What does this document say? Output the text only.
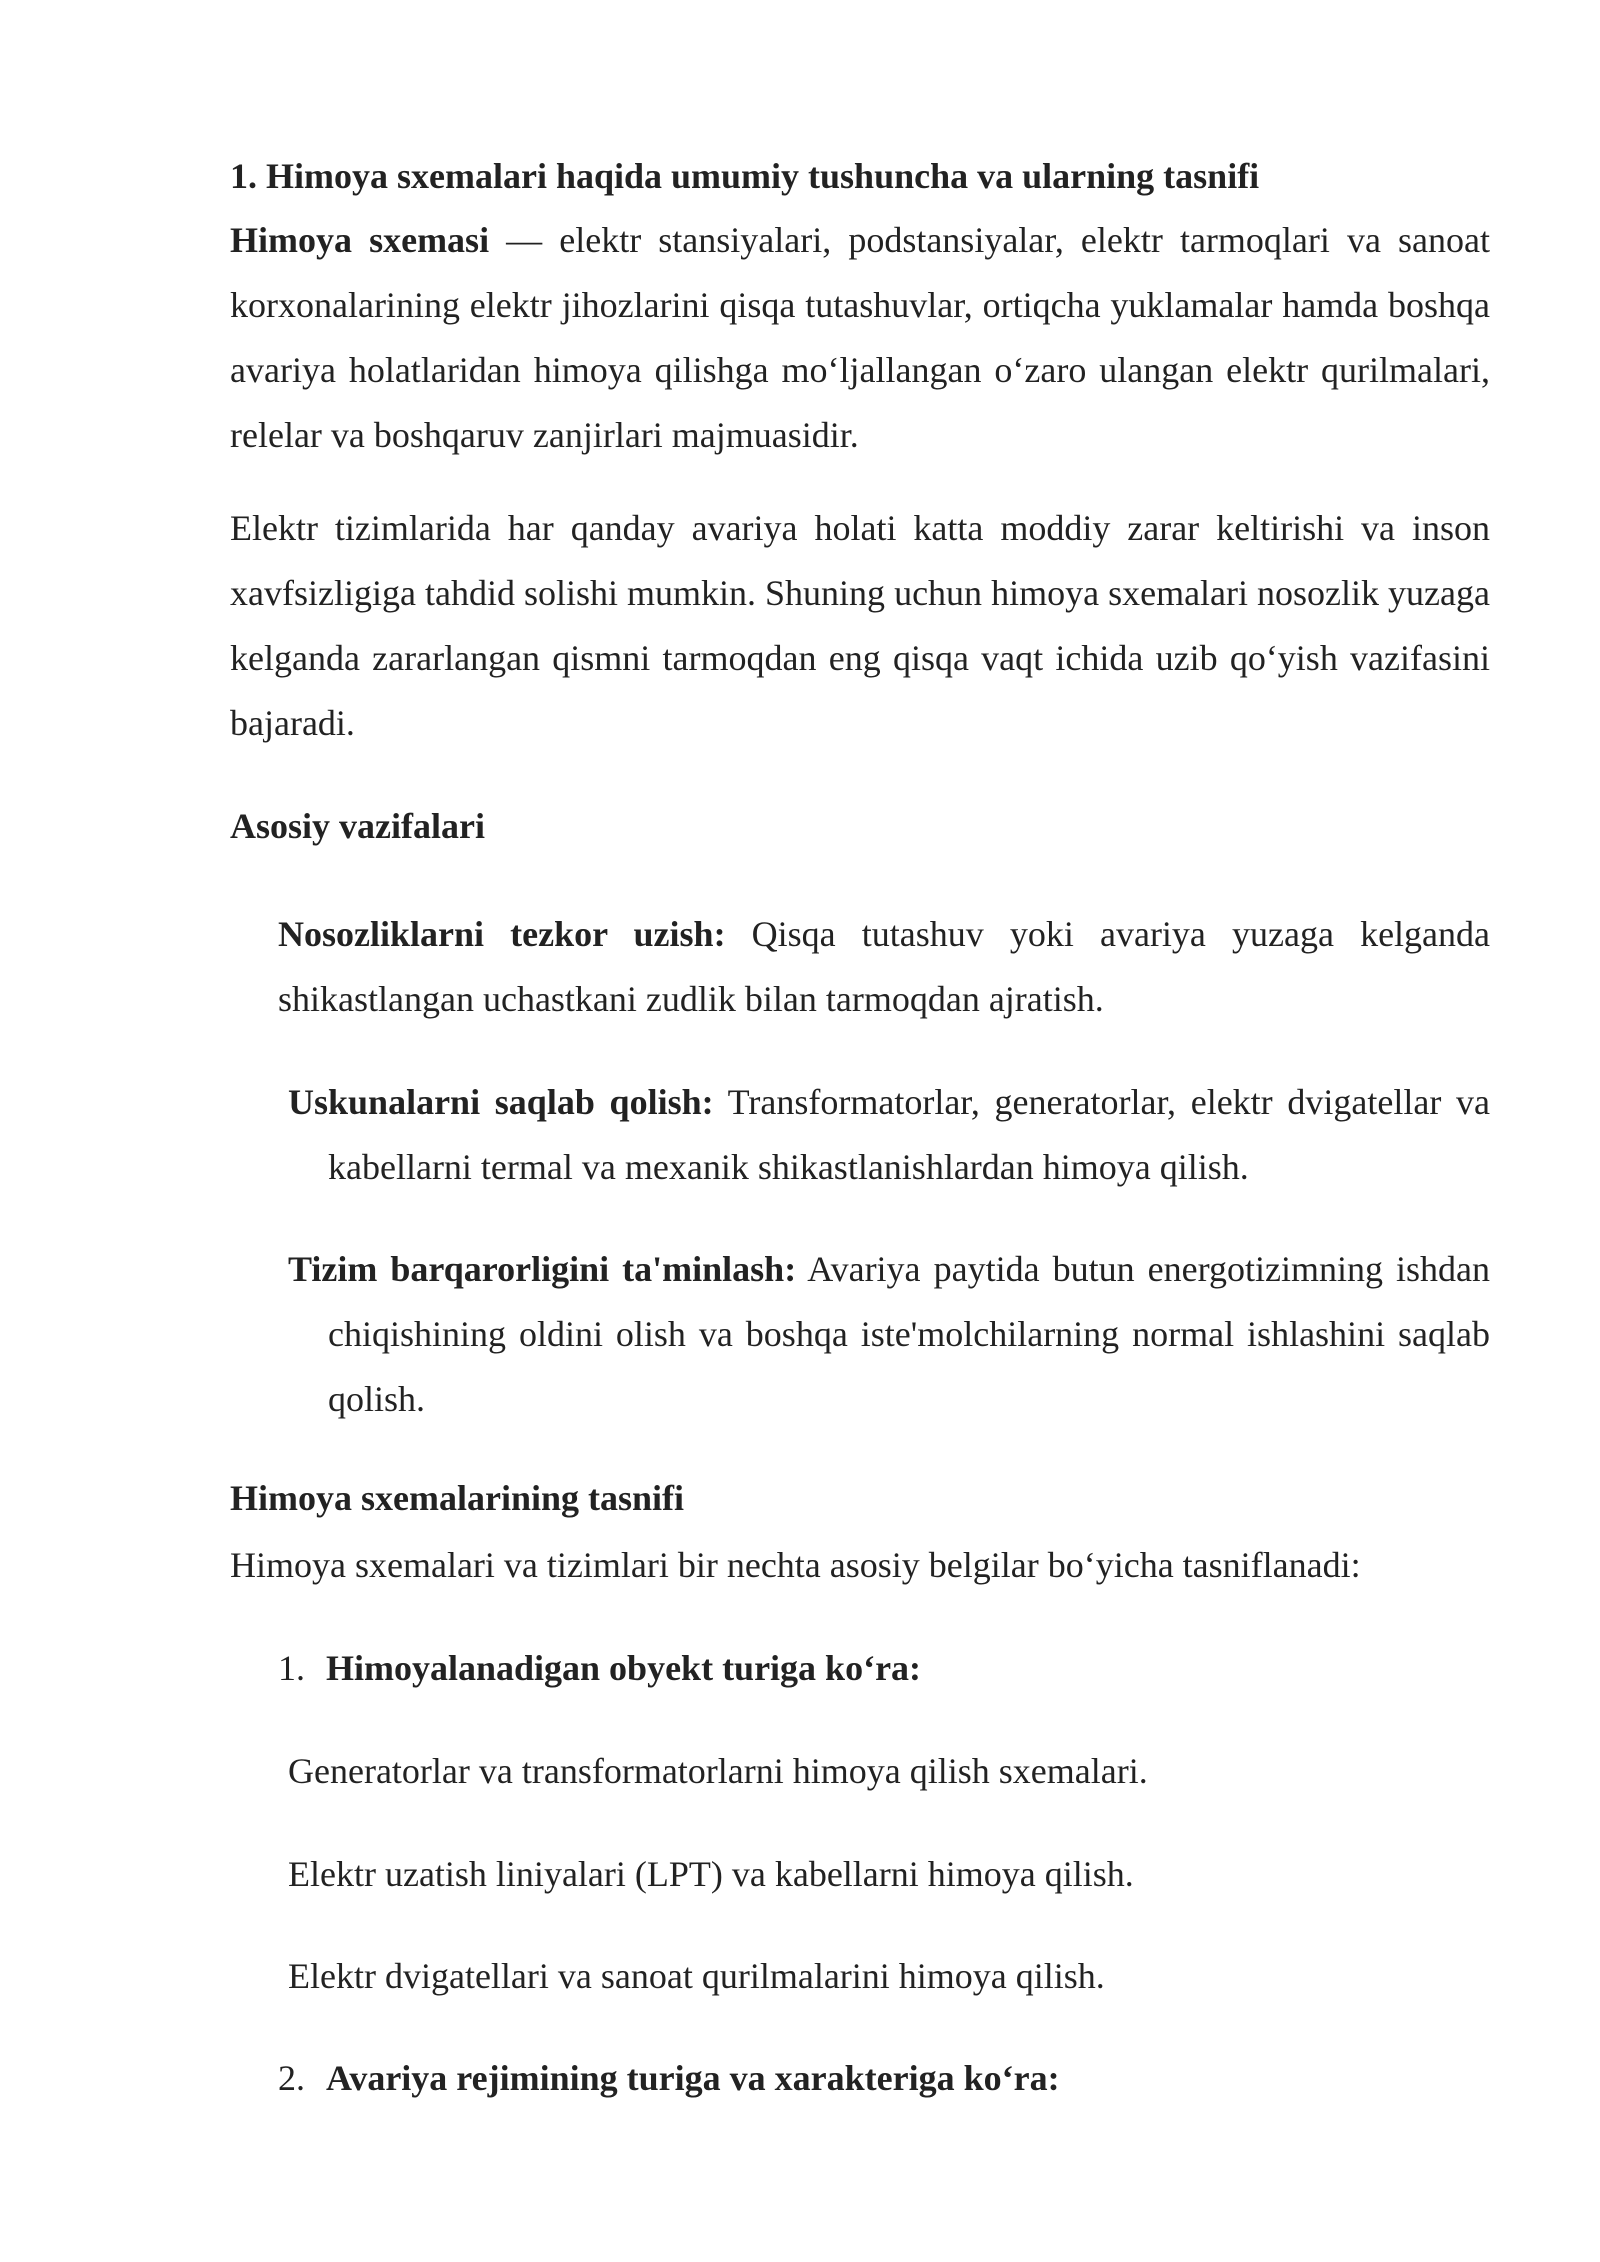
1. Himoya sxemalari haqida umumiy tushuncha va ularning tasnifi

Himoya sxemasi — elektr stansiyalari, podstansiyalar, elektr tarmoqlari va sanoat korxonalarining elektr jihozlarini qisqa tutashuvlar, ortiqcha yuklamalar hamda boshqa avariya holatlaridan himoya qilishga mo‘ljallangan o‘zaro ulangan elektr qurilmalari, relelar va boshqaruv zanjirlari majmuasidir.

Elektr tizimlarida har qanday avariya holati katta moddiy zarar keltirishi va inson xavfsizligiga tahdid solishi mumkin. Shuning uchun himoya sxemalari nosozlik yuzaga kelganda zararlangan qismni tarmoqdan eng qisqa vaqt ichida uzib qo‘yish vazifasini bajaradi.

Asosiy vazifalari

Nosozliklarni tezkor uzish: Qisqa tutashuv yoki avariya yuzaga kelganda shikastlangan uchastkani zudlik bilan tarmoqdan ajratish.

Uskunalarni saqlab qolish: Transformatorlar, generatorlar, elektr dvigatellar va kabellarni termal va mexanik shikastlanishlardan himoya qilish.

Tizim barqarorligini ta'minlash: Avariya paytida butun energotizimning ishdan chiqishining oldini olish va boshqa iste'molchilarning normal ishlashini saqlab qolish.

Himoya sxemalarining tasnifi

Himoya sxemalari va tizimlari bir nechta asosiy belgilar bo‘yicha tasniflanadi:

1. Himoyalanadigan obyekt turiga ko‘ra:
Generatorlar va transformatorlarni himoya qilish sxemalari.
Elektr uzatish liniyalari (LPT) va kabellarni himoya qilish.
Elektr dvigatellari va sanoat qurilmalarini himoya qilish.
2. Avariya rejimining turiga va xarakteriga ko‘ra:
